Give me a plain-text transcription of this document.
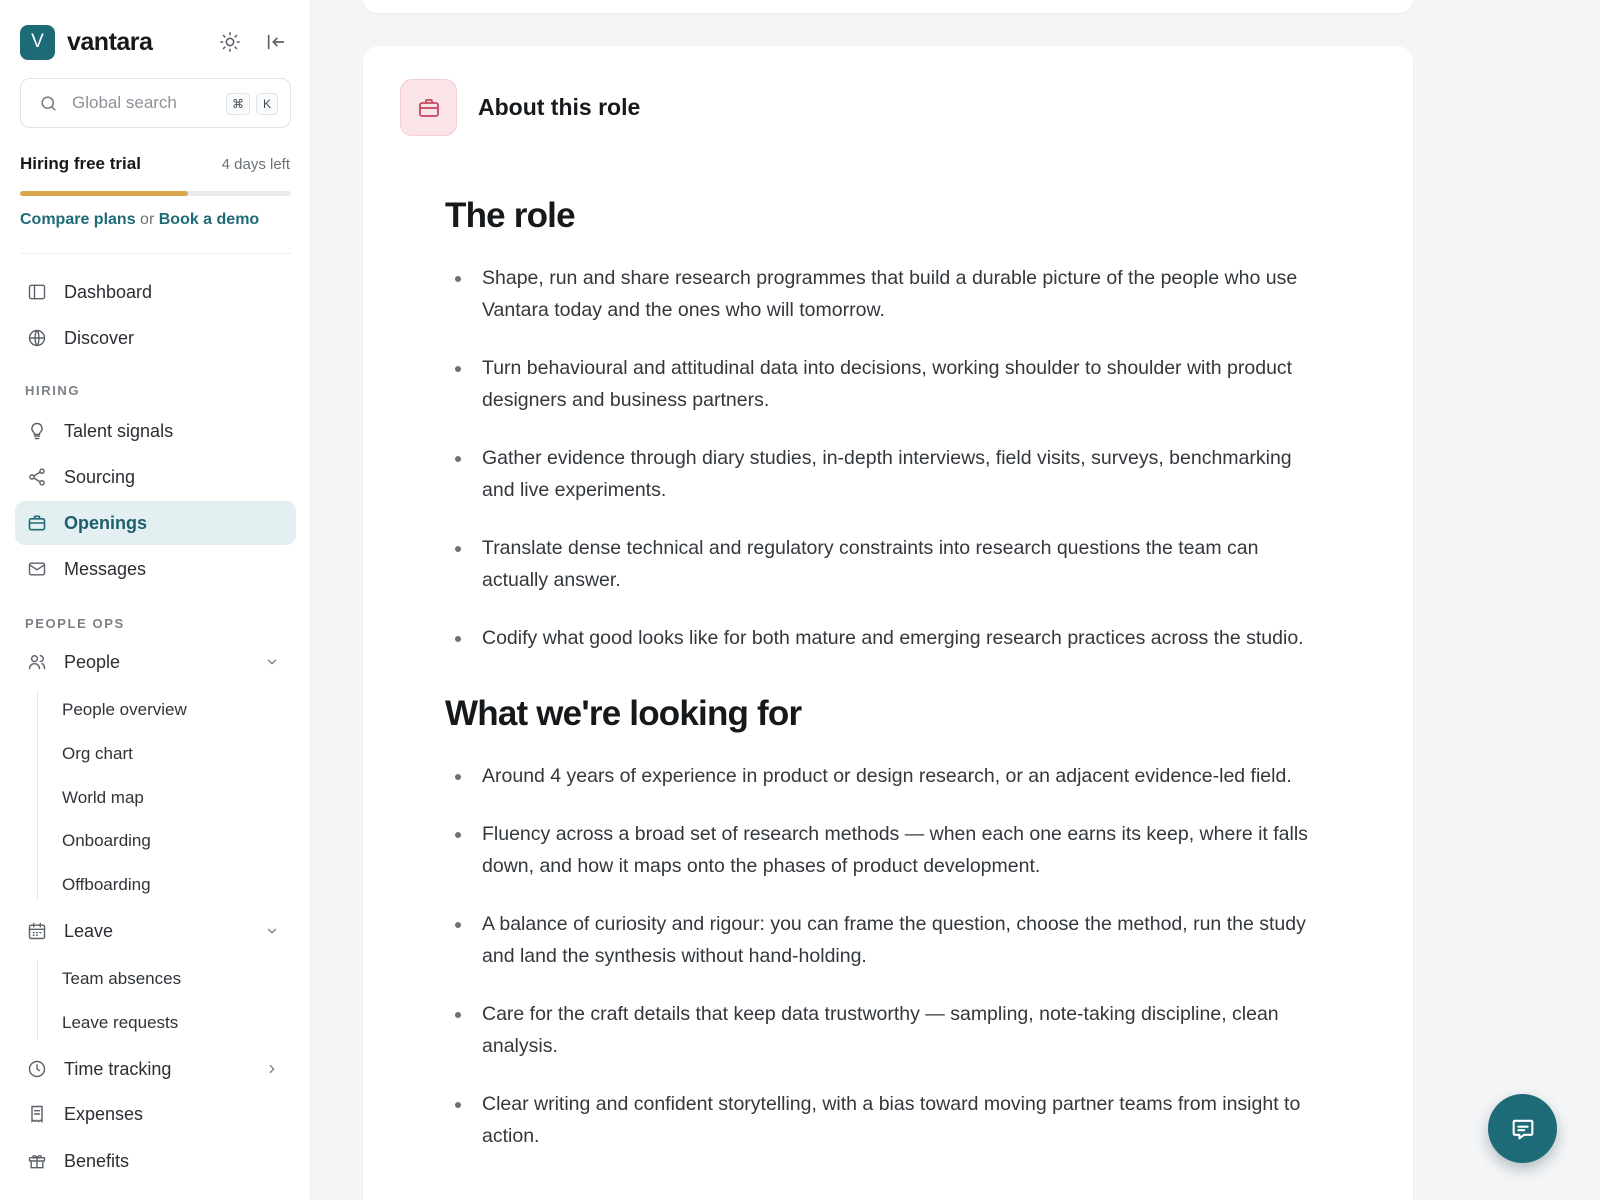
V vantara
Global search	⌘	K
Hiring free trial	4 days left
Compare plans or Book a demo
Dashboard
Discover
HIRING
Talent signals
Sourcing
Openings
Messages
PEOPLE OPS
People
People overview
Org chart
World map
Onboarding
Offboarding
Leave
Team absences
Leave requests
Time tracking
Expenses
Benefits
About this role
The role
Shape, run and share research programmes that build a durable picture of the people who use Vantara today and the ones who will tomorrow.
Turn behavioural and attitudinal data into decisions, working shoulder to shoulder with product designers and business partners.
Gather evidence through diary studies, in-depth interviews, field visits, surveys, benchmarking and live experiments.
Translate dense technical and regulatory constraints into research questions the team can actually answer.
Codify what good looks like for both mature and emerging research practices across the studio.
What we're looking for
Around 4 years of experience in product or design research, or an adjacent evidence-led field.
Fluency across a broad set of research methods — when each one earns its keep, where it falls down, and how it maps onto the phases of product development.
A balance of curiosity and rigour: you can frame the question, choose the method, run the study and land the synthesis without hand-holding.
Care for the craft details that keep data trustworthy — sampling, note-taking discipline, clean analysis.
Clear writing and confident storytelling, with a bias toward moving partner teams from insight to action.
